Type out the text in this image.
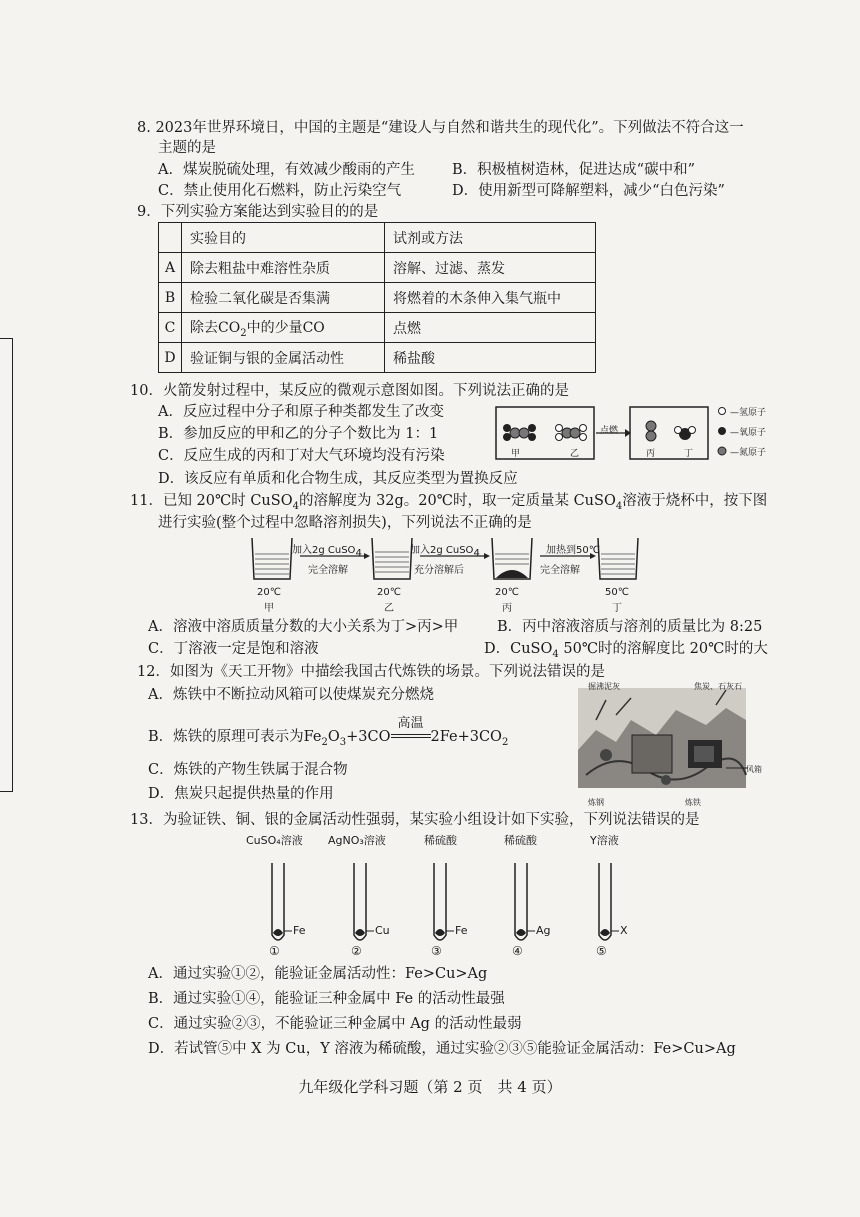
8. 2023年世界环境日，中国的主题是“建设人与自然和谐共生的现代化”。下列做法不符合这一
主题的是
A．煤炭脱硫处理，有效减少酸雨的产生	B．积极植树造林，促进达成“碳中和”
C．禁止使用化石燃料，防止污染空气	D．使用新型可降解塑料，减少“白色污染”
9．下列实验方案能达到实验目的的是
	实验目的	试剂或方法
A	除去粗盐中难溶性杂质	溶解、过滤、蒸发
B	检验二氧化碳是否集满	将燃着的木条伸入集气瓶中
C	除去$CO_2$中的少量CO	点燃
D	验证铜与银的金属活动性	稀盐酸
10．火箭发射过程中，某反应的微观示意图如图。下列说法正确的是
A．反应过程中分子和原子种类都发生了改变
B．参加反应的甲和乙的分子个数比为 1：1
C．反应生成的丙和丁对大气环境均没有污染
D．该反应有单质和化合物生成，其反应类型为置换反应
甲	乙
点燃
丙	丁
—氢原子
—氧原子
—氮原子
11．已知 20℃时 CuSO$_4$的溶解度为 32g。20℃时，取一定质量某 CuSO$_4$溶液于烧杯中，按下图
进行实验(整个过程中忽略溶剂损失)，下列说法不正确的是
加入2g CuSO$_4$
完全溶解
加入2g CuSO$_4$
充分溶解后
加热到50℃
完全溶解
20℃
甲
20℃
乙
20℃
丙
50℃
丁
A．溶液中溶质质量分数的大小关系为丁>丙>甲	B．丙中溶液溶质与溶剂的质量比为 8:25
C．丁溶液一定是饱和溶液	D．CuSO$_4$ 50℃时的溶解度比 20℃时的大
12．如图为《天工开物》中描绘我国古代炼铁的场景。下列说法错误的是
A．炼铁中不断拉动风箱可以使煤炭充分燃烧
B．炼铁的原理可表示为$Fe_2O_3+3CO$
高温
$2Fe+3CO_2$
C．炼铁的产物生铁属于混合物
D．焦炭只起提供热量的作用
掘沸泥灰	焦炭、石灰石
风箱
炼钢	炼铁
13．为验证铁、铜、银的金属活动性强弱，某实验小组设计如下实验，下列说法错误的是
CuSO₄溶液 AgNO₃溶液	稀硫酸	稀硫酸	Y溶液
Fe	Cu	Fe	Ag	X
①	②	③	④	⑤
A．通过实验①②，能验证金属活动性：Fe>Cu>Ag
B．通过实验①④，能验证三种金属中 Fe 的活动性最强
C．通过实验②③，不能验证三种金属中 Ag 的活动性最弱
D．若试管⑤中 X 为 Cu，Y 溶液为稀硫酸，通过实验②③⑤能验证金属活动：Fe>Cu>Ag
九年级化学科习题（第 2 页　共 4 页）
